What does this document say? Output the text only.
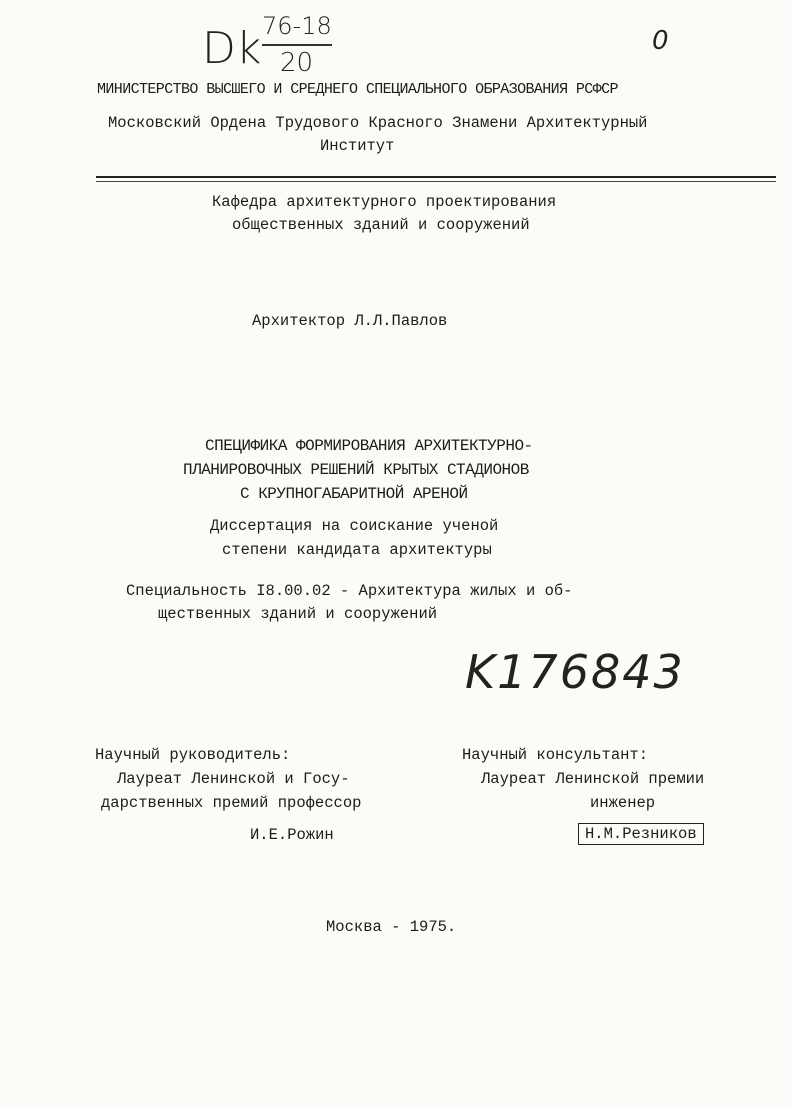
Dk 76-18
20
0
МИНИСТЕРСТВО ВЫСШЕГО И СРЕДНЕГО СПЕЦИАЛЬНОГО ОБРАЗОВАНИЯ РСФСР
Московский Ордена Трудового Красного Знамени Архитектурный
Институт
Кафедра архитектурного проектирования
общественных зданий и сооружений
Архитектор Л.Л.Павлов
СПЕЦИФИКА ФОРМИРОВАНИЯ АРХИТЕКТУРНО-
ПЛАНИРОВОЧНЫХ РЕШЕНИЙ КРЫТЫХ СТАДИОНОВ
С КРУПНОГАБАРИТНОЙ АРЕНОЙ
Диссертация на соискание ученой
степени кандидата архитектуры
Специальность I8.00.02 - Архитектура жилых и об-
щественных зданий и сооружений
K176843
Научный руководитель:
Лауреат Ленинской и Госу-
дарственных премий профессор
И.Е.Рожин
Научный консультант:
Лауреат Ленинской премии
инженер
Н.М.Резников
Москва - 1975.
